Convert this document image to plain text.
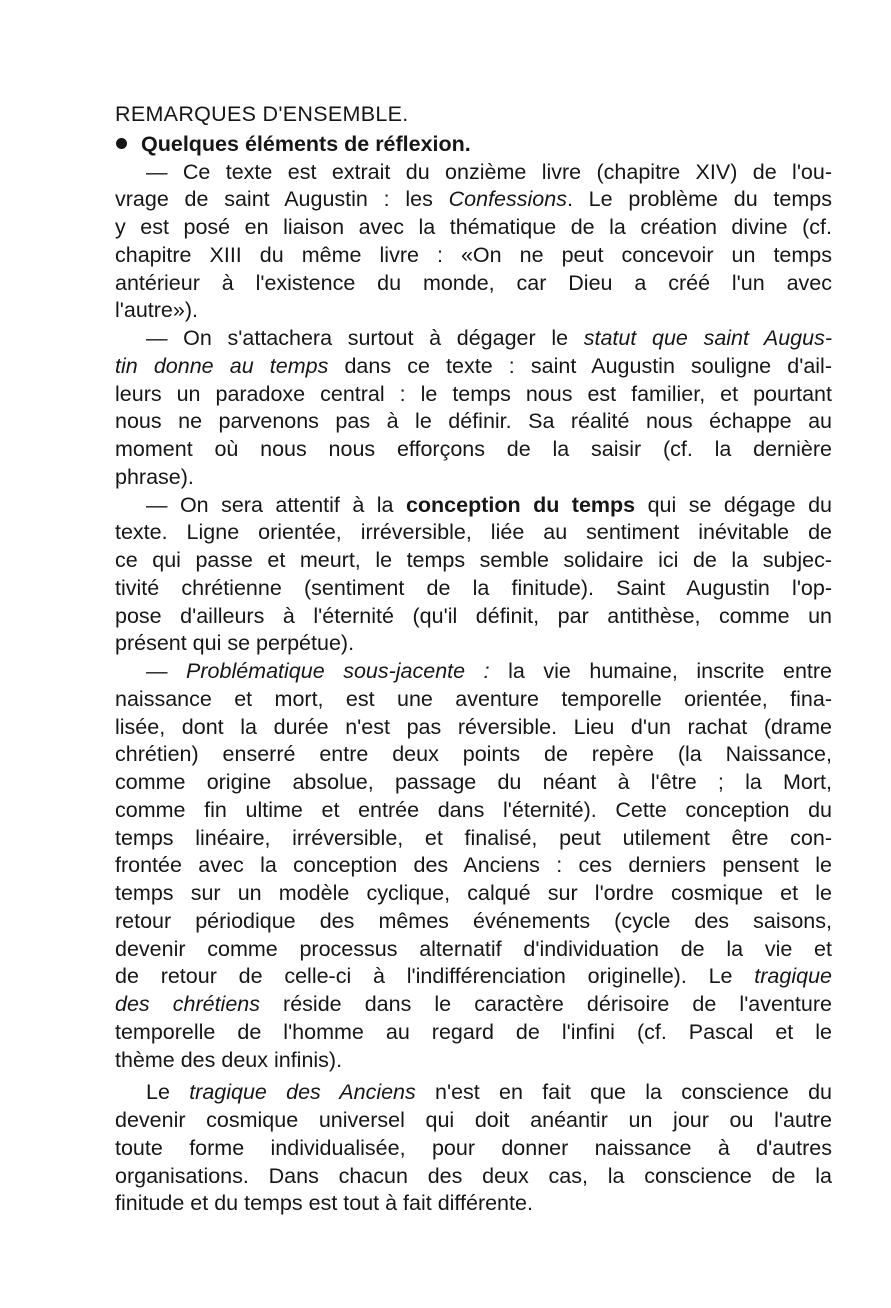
REMARQUES D'ENSEMBLE.
Quelques éléments de réflexion.
— Ce texte est extrait du onzième livre (chapitre XIV) de l'ou-
vrage de saint Augustin : les Confessions. Le problème du temps
y est posé en liaison avec la thématique de la création divine (cf.
chapitre XIII du même livre : «On ne peut concevoir un temps
antérieur à l'existence du monde, car Dieu a créé l'un avec
l'autre»).
— On s'attachera surtout à dégager le statut que saint Augus-
tin donne au temps dans ce texte : saint Augustin souligne d'ail-
leurs un paradoxe central : le temps nous est familier, et pourtant
nous ne parvenons pas à le définir. Sa réalité nous échappe au
moment où nous nous efforçons de la saisir (cf. la dernière
phrase).
— On sera attentif à la conception du temps qui se dégage du
texte. Ligne orientée, irréversible, liée au sentiment inévitable de
ce qui passe et meurt, le temps semble solidaire ici de la subjec-
tivité chrétienne (sentiment de la finitude). Saint Augustin l'op-
pose d'ailleurs à l'éternité (qu'il définit, par antithèse, comme un
présent qui se perpétue).
— Problématique sous-jacente : la vie humaine, inscrite entre
naissance et mort, est une aventure temporelle orientée, fina-
lisée, dont la durée n'est pas réversible. Lieu d'un rachat (drame
chrétien) enserré entre deux points de repère (la Naissance,
comme origine absolue, passage du néant à l'être ; la Mort,
comme fin ultime et entrée dans l'éternité). Cette conception du
temps linéaire, irréversible, et finalisé, peut utilement être con-
frontée avec la conception des Anciens : ces derniers pensent le
temps sur un modèle cyclique, calqué sur l'ordre cosmique et le
retour périodique des mêmes événements (cycle des saisons,
devenir comme processus alternatif d'individuation de la vie et
de retour de celle-ci à l'indifférenciation originelle). Le tragique
des chrétiens réside dans le caractère dérisoire de l'aventure
temporelle de l'homme au regard de l'infini (cf. Pascal et le
thème des deux infinis).
Le tragique des Anciens n'est en fait que la conscience du
devenir cosmique universel qui doit anéantir un jour ou l'autre
toute forme individualisée, pour donner naissance à d'autres
organisations. Dans chacun des deux cas, la conscience de la
finitude et du temps est tout à fait différente.
